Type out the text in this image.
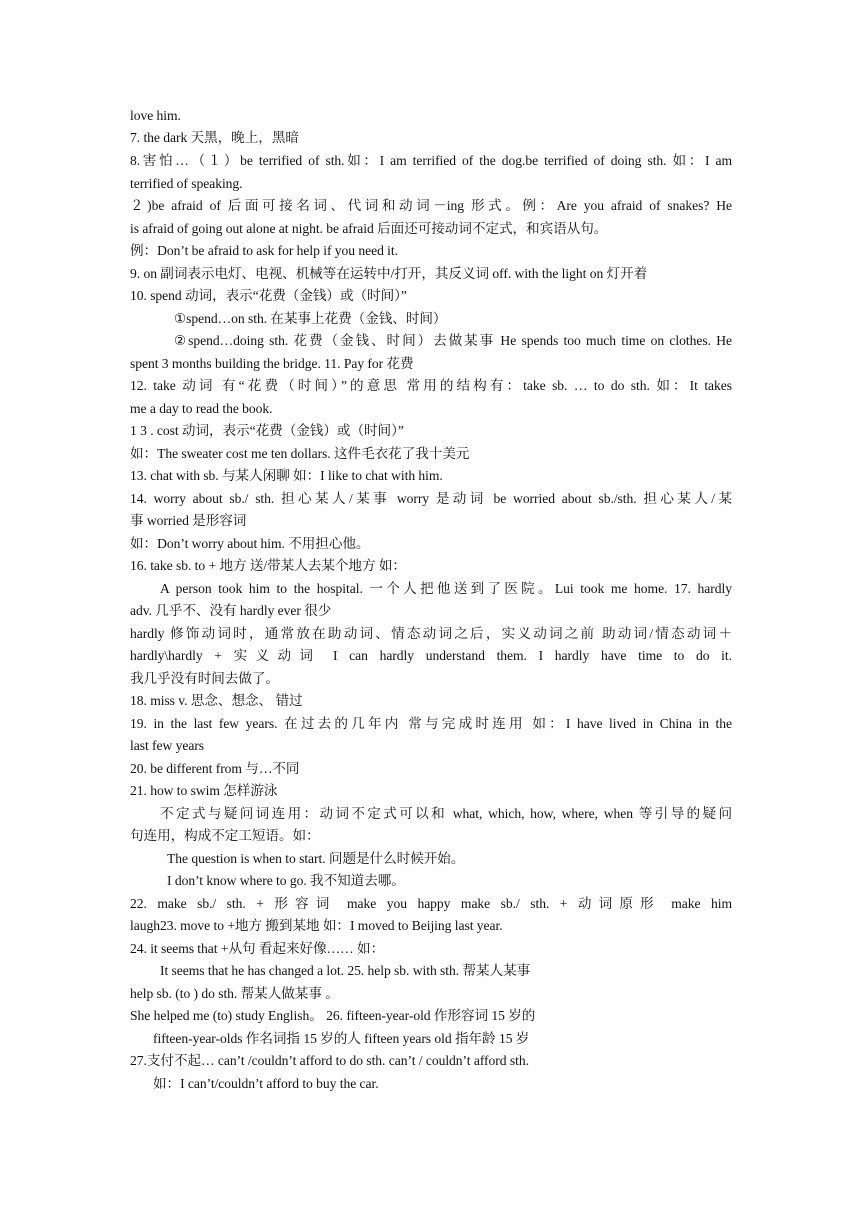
love him.
7. the dark 天黑，晚上，黑暗
8.害怕…（１）be terrified of sth.如：I am terrified of the dog.be terrified of doing sth. 如：I am
terrified of speaking.
２)be afraid of 后面可接名词、代词和动词－ing 形式。例：Are you afraid of snakes? He
is afraid of going out alone at night. be afraid 后面还可接动词不定式，和宾语从句。
例：Don’t be afraid to ask for help if you need it.
9. on 副词表示电灯、电视、机械等在运转中/打开，其反义词 off. with the light on 灯开着
10. spend 动词，表示“花费（金钱）或（时间）”
①spend…on sth. 在某事上花费（金钱、时间）
②spend…doing sth. 花费（金钱、时间）去做某事 He spends too much time on clothes. He
spent 3 months building the bridge. 11. Pay for 花费
12. take 动词 有“花费（时间）”的意思 常用的结构有：take sb. … to do sth. 如：It takes
me a day to read the book.
1 3 . cost 动词，表示“花费（金钱）或（时间）”
如：The sweater cost me ten dollars. 这件毛衣花了我十美元
13. chat with sb. 与某人闲聊 如：I like to chat with him.
14. worry about sb./ sth. 担心某人/某事 worry 是动词 be worried about sb./sth. 担心某人/某
事 worried 是形容词
如：Don’t worry about him. 不用担心他。
16. take sb. to + 地方 送/带某人去某个地方 如：
A person took him to the hospital. 一个人把他送到了医院。Lui took me home. 17. hardly
adv. 几乎不、没有 hardly ever 很少
hardly 修饰动词时，通常放在助动词、情态动词之后，实义动词之前 助动词/情态动词＋
hardly\hardly + 实义动词 I can hardly understand them. I hardly have time to do it.
我几乎没有时间去做了。
18. miss v. 思念、想念、 错过
19. in the last few years. 在过去的几年内 常与完成时连用 如：I have lived in China in the
last few years
20. be different from 与…不同
21. how to swim 怎样游泳
不定式与疑问词连用：动词不定式可以和 what, which, how, where, when 等引导的疑问
句连用，构成不定工短语。如：
The question is when to start. 问题是什么时候开始。
I don’t know where to go. 我不知道去哪。
22. make sb./ sth. + 形容词 make you happy make sb./ sth. + 动词原形 make him
laugh23. move to +地方 搬到某地 如：I moved to Beijing last year.
24. it seems that +从句 看起来好像…… 如：
It seems that he has changed a lot. 25. help sb. with sth. 帮某人某事
help sb. (to ) do sth. 帮某人做某事 。
She helped me (to) study English。 26. fifteen-year-old 作形容词 15 岁的
fifteen-year-olds 作名词指 15 岁的人 fifteen years old 指年龄 15 岁
27.支付不起… can’t /couldn’t afford to do sth. can’t / couldn’t afford sth.
如：I can’t/couldn’t afford to buy the car.
